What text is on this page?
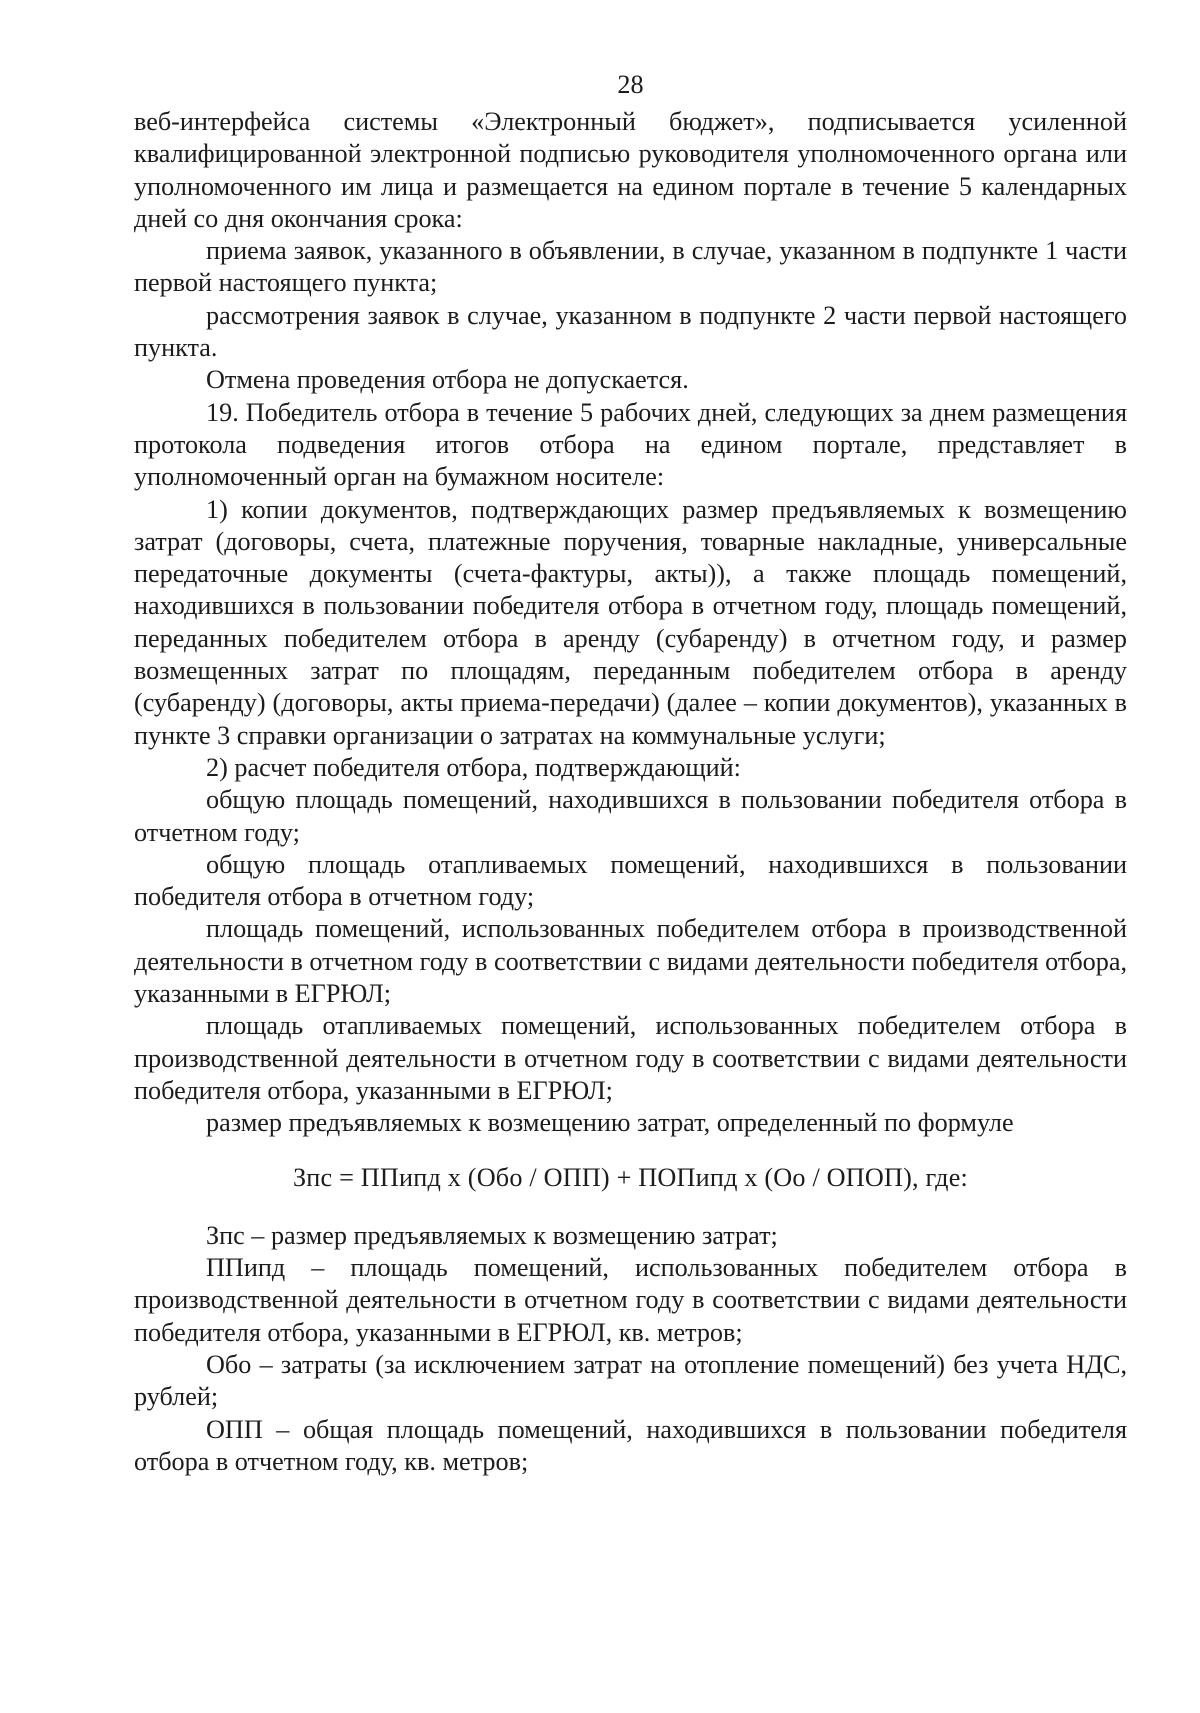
28

веб-интерфейса системы «Электронный бюджет», подписывается усиленной квалифицированной электронной подписью руководителя уполномоченного органа или уполномоченного им лица и размещается на едином портале в течение 5 календарных дней со дня окончания срока:

приема заявок, указанного в объявлении, в случае, указанном в подпункте 1 части первой настоящего пункта;

рассмотрения заявок в случае, указанном в подпункте 2 части первой настоящего пункта.

Отмена проведения отбора не допускается.

19. Победитель отбора в течение 5 рабочих дней, следующих за днем размещения протокола подведения итогов отбора на едином портале, представляет в уполномоченный орган на бумажном носителе:

1) копии документов, подтверждающих размер предъявляемых к возмещению затрат (договоры, счета, платежные поручения, товарные накладные, универсальные передаточные документы (счета-фактуры, акты)), а также площадь помещений, находившихся в пользовании победителя отбора в отчетном году, площадь помещений, переданных победителем отбора в аренду (субаренду) в отчетном году, и размер возмещенных затрат по площадям, переданным победителем отбора в аренду (субаренду) (договоры, акты приема-передачи) (далее – копии документов), указанных в пункте 3 справки организации о затратах на коммунальные услуги;

2) расчет победителя отбора, подтверждающий:

общую площадь помещений, находившихся в пользовании победителя отбора в отчетном году;

общую площадь отапливаемых помещений, находившихся в пользовании победителя отбора в отчетном году;

площадь помещений, использованных победителем отбора в производственной деятельности в отчетном году в соответствии с видами деятельности победителя отбора, указанными в ЕГРЮЛ;

площадь отапливаемых помещений, использованных победителем отбора в производственной деятельности в отчетном году в соответствии с видами деятельности победителя отбора, указанными в ЕГРЮЛ;

размер предъявляемых к возмещению затрат, определенный по формуле

Зпс = ППипд х (Обо / ОПП) + ПОПипд х (Оо / ОПОП), где:

Зпс – размер предъявляемых к возмещению затрат;

ППипд – площадь помещений, использованных победителем отбора в производственной деятельности в отчетном году в соответствии с видами деятельности победителя отбора, указанными в ЕГРЮЛ, кв. метров;

Обо – затраты (за исключением затрат на отопление помещений) без учета НДС, рублей;

ОПП – общая площадь помещений, находившихся в пользовании победителя отбора в отчетном году, кв. метров;
